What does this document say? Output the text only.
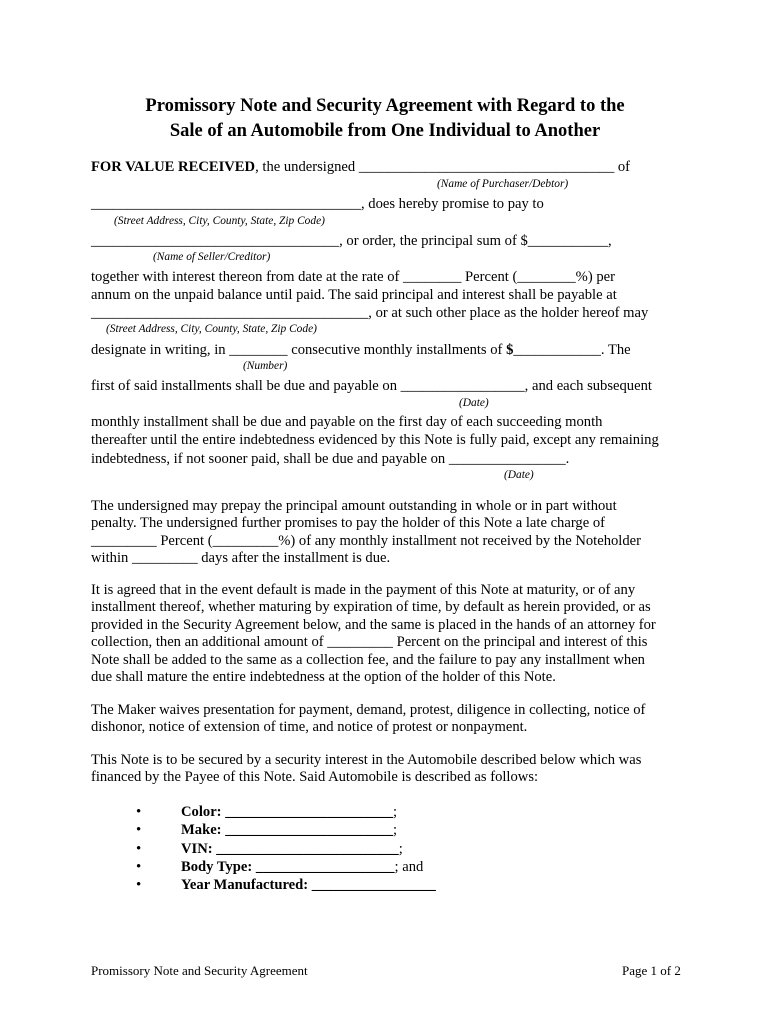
Promissory Note and Security Agreement with Regard to the
Sale of an Automobile from One Individual to Another
FOR VALUE RECEIVED, the undersigned ___________________________________ of
(Name of Purchaser/Debtor)
_____________________________________, does hereby promise to pay to
(Street Address, City, County, State, Zip Code)
__________________________________, or order, the principal sum of $___________,
(Name of Seller/Creditor)
together with interest thereon from date at the rate of ________ Percent (________%) per
annum on the unpaid balance until paid. The said principal and interest shall be payable at
______________________________________, or at such other place as the holder hereof may
(Street Address, City, County, State, Zip Code)
designate in writing, in ________ consecutive monthly installments of $____________. The
(Number)
first of said installments shall be due and payable on _________________, and each subsequent
(Date)
monthly installment shall be due and payable on the first day of each succeeding month
thereafter until the entire indebtedness evidenced by this Note is fully paid, except any remaining
indebtedness, if not sooner paid, shall be due and payable on ________________.
(Date)
The undersigned may prepay the principal amount outstanding in whole or in part without
penalty. The undersigned further promises to pay the holder of this Note a late charge of
_________ Percent (_________%) of any monthly installment not received by the Noteholder
within _________ days after the installment is due.
It is agreed that in the event default is made in the payment of this Note at maturity, or of any
installment thereof, whether maturing by expiration of time, by default as herein provided, or as
provided in the Security Agreement below, and the same is placed in the hands of an attorney for
collection, then an additional amount of _________ Percent on the principal and interest of this
Note shall be added to the same as a collection fee, and the failure to pay any installment when
due shall mature the entire indebtedness at the option of the holder of this Note.
The Maker waives presentation for payment, demand, protest, diligence in collecting, notice of
dishonor, notice of extension of time, and notice of protest or nonpayment.
This Note is to be secured by a security interest in the Automobile described below which was
financed by the Payee of this Note. Said Automobile is described as follows:
•	Color: _______________________;
•	Make: _______________________;
•	VIN: _________________________;
•	Body Type: ___________________; and
•	Year Manufactured: _________________
Promissory Note and Security Agreement	Page 1 of 2
